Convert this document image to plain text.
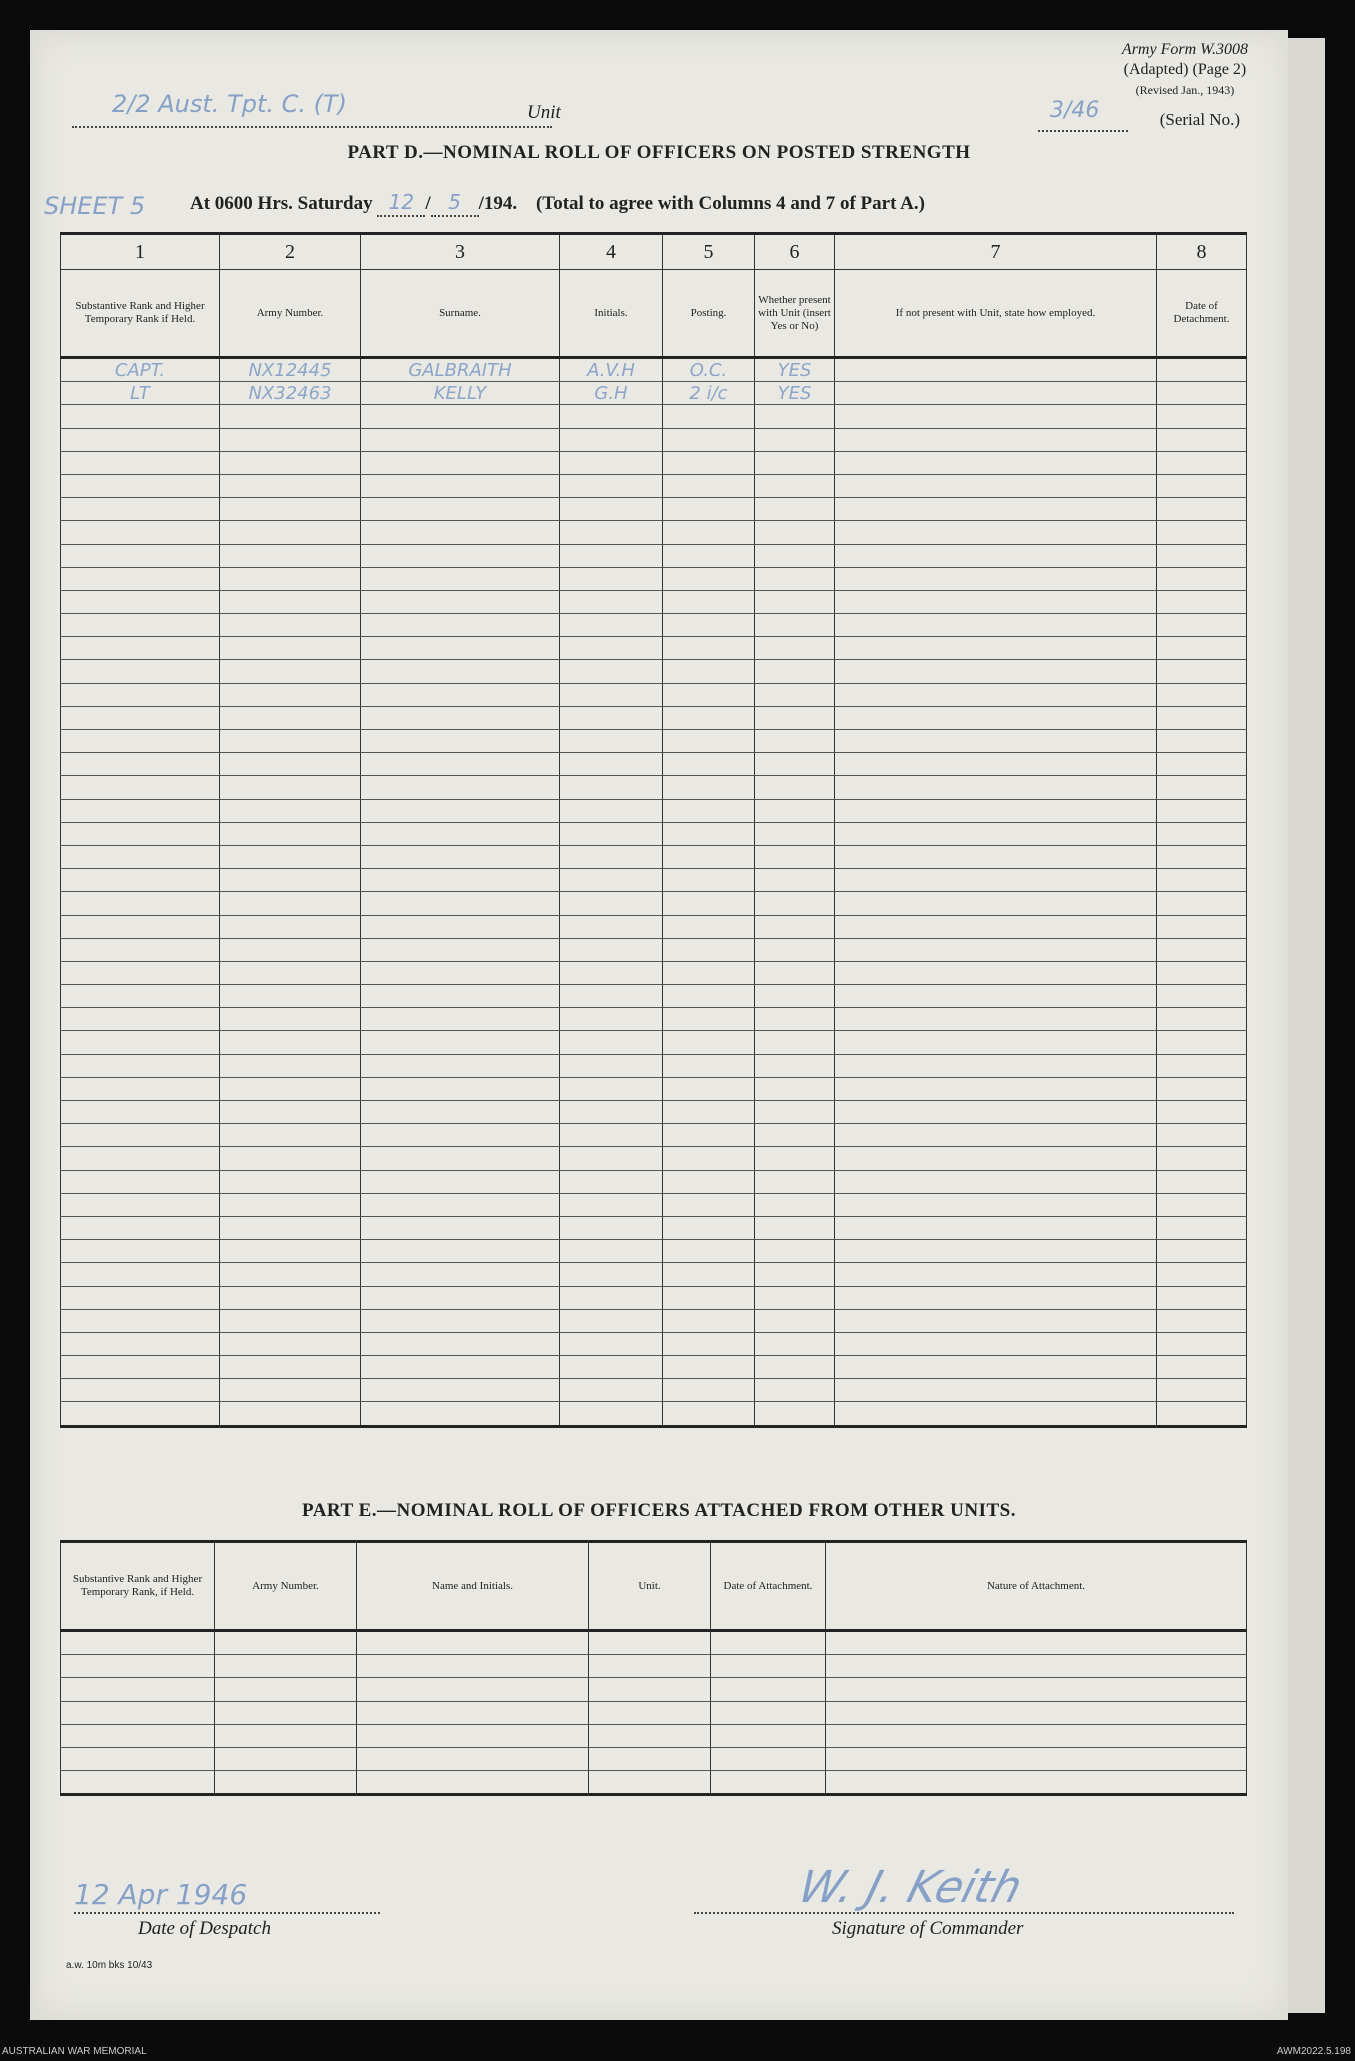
2/2 Aust. Tpt. C. (T)	Unit
Army Form W.3008
(Adapted) (Page 2)
(Revised Jan., 1943)
3/46	(Serial No.)
PART D.—NOMINAL ROLL OF OFFICERS ON POSTED STRENGTH
SHEET 5 At 0600 Hrs. Saturday 12 / 5 /194. (Total to agree with Columns 4 and 7 of Part A.)
1	2	3	4	5	6	7	8
Substantive Rank and Higher Temporary Rank if Held.	Army Number.	Surname.	Initials.	Posting.	Whether present with Unit (insert Yes or No)	If not present with Unit, state how employed.	Date of Detachment.
CAPT.	NX12445	GALBRAITH	A.V.H	O.C.	YES		
LT	NX32463	KELLY	G.H	2 i/c	YES		

PART E.—NOMINAL ROLL OF OFFICERS ATTACHED FROM OTHER UNITS.
Substantive Rank and Higher Temporary Rank, if Held.	Army Number.	Name and Initials.	Unit.	Date of Attachment.	Nature of Attachment.

12 Apr 1946
Date of Despatch
W. J. Keith
Signature of Commander
a.w. 10m bks 10/43
AUSTRALIAN WAR MEMORIAL	AWM2022.5.198
